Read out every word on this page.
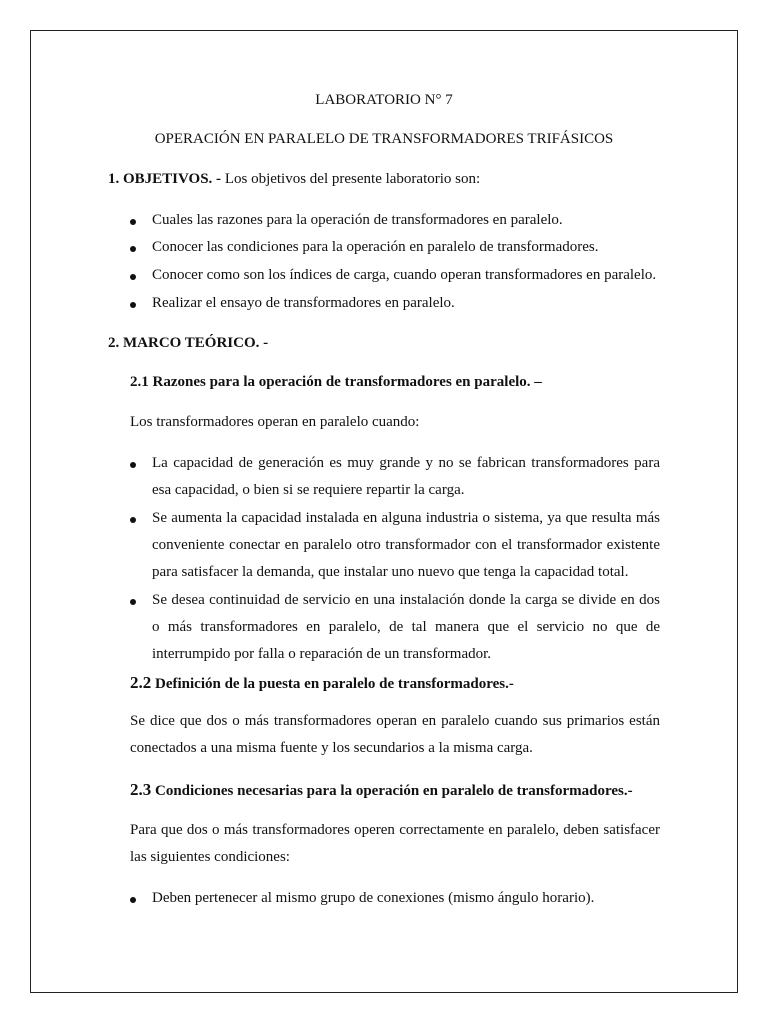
LABORATORIO N° 7
OPERACIÓN EN PARALELO DE TRANSFORMADORES TRIFÁSICOS
1. OBJETIVOS. - Los objetivos del presente laboratorio son:
Cuales las razones para la operación de transformadores en paralelo.
Conocer las condiciones para la operación en paralelo de transformadores.
Conocer como son los índices de carga, cuando operan transformadores en paralelo.
Realizar el ensayo de transformadores en paralelo.
2. MARCO TEÓRICO. -
2.1 Razones para la operación de transformadores en paralelo. –
Los transformadores operan en paralelo cuando:
La capacidad de generación es muy grande y no se fabrican transformadores para
esa capacidad, o bien si se requiere repartir la carga.
Se aumenta la capacidad instalada en alguna industria o sistema, ya que resulta más
conveniente conectar en paralelo otro transformador con el transformador existente
para satisfacer la demanda, que instalar uno nuevo que tenga la capacidad total.
Se desea continuidad de servicio en una instalación donde la carga se divide en dos
o más transformadores en paralelo, de tal manera que el servicio no que de
interrumpido por falla o reparación de un transformador.
2.2 Definición de la puesta en paralelo de transformadores.-
Se dice que dos o más transformadores operan en paralelo cuando sus primarios están
conectados a una misma fuente y los secundarios a la misma carga.
2.3 Condiciones necesarias para la operación en paralelo de transformadores.-
Para que dos o más transformadores operen correctamente en paralelo, deben satisfacer
las siguientes condiciones:
Deben pertenecer al mismo grupo de conexiones (mismo ángulo horario).
